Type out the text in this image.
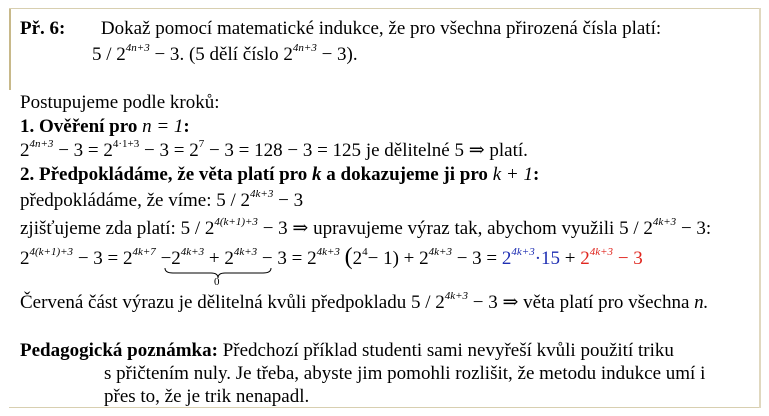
Př. 6: Dokaž pomocí matematické indukce, že pro všechna přirozená čísla platí:
$5 / 2^{4n+3} - 3$. (5 dělí číslo $2^{4n+3} - 3$).
Postupujeme podle kroků:
1. Ověření pro n = 1:
$2^{4n+3} - 3 = 2^{4\cdot 1+3} - 3 = 2^7 - 3 = 128 - 3 = 125$ je dělitelné 5 ⇒ platí.
2. Předpokládáme, že věta platí pro k a dokazujeme ji pro k + 1:
předpokládáme, že víme: $5 / 2^{4k+3} - 3$
zjišťujeme zda platí: $5 / 2^{4(k+1)+3} - 3$ ⇒ upravujeme výraz tak, abychom využili $5 / 2^{4k+3} - 3$:
$2^{4(k+1)+3} - 3 = 2^{4k+7} -2^{4k+3} + 2^{4k+3} - 3 = 2^{4k+3}$ $(2^4- 1) + 2^{4k+3} - 3 = 2^{4k+3}\cdot 15 + 2^{4k+3} - 3$
0
Červená část výrazu je dělitelná kvůli předpokladu $5 / 2^{4k+3} - 3$ ⇒ věta platí pro všechna n.
Pedagogická poznámka: Předchozí příklad studenti sami nevyřeší kvůli použití triku
s přičtením nuly. Je třeba, abyste jim pomohli rozlišit, že metodu indukce umí i
přes to, že je trik nenapadl.
